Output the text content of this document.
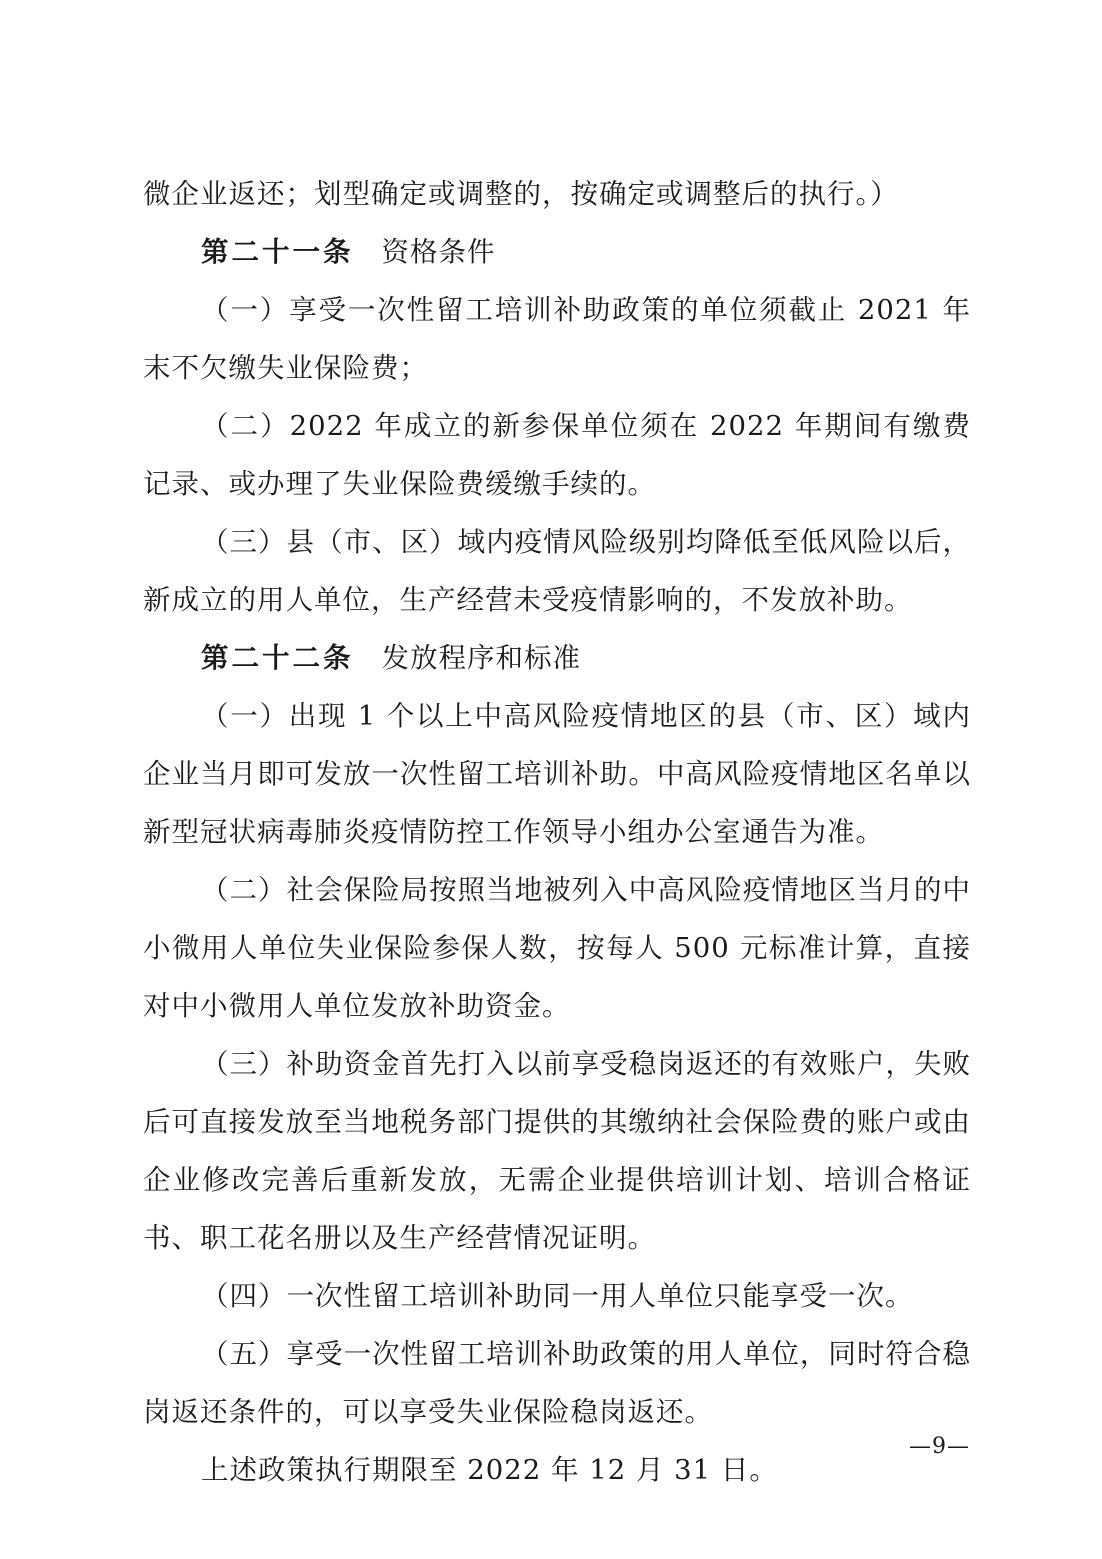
微企业返还；划型确定或调整的，按确定或调整后的执行。）

第二十一条 资格条件

（一）享受一次性留工培训补助政策的单位须截止 2021 年末不欠缴失业保险费；

（二）2022 年成立的新参保单位须在 2022 年期间有缴费记录、或办理了失业保险费缓缴手续的。

（三）县（市、区）域内疫情风险级别均降低至低风险以后，新成立的用人单位，生产经营未受疫情影响的，不发放补助。

第二十二条 发放程序和标准

（一）出现 1 个以上中高风险疫情地区的县（市、区）域内企业当月即可发放一次性留工培训补助。中高风险疫情地区名单以新型冠状病毒肺炎疫情防控工作领导小组办公室通告为准。

（二）社会保险局按照当地被列入中高风险疫情地区当月的中小微用人单位失业保险参保人数，按每人 500 元标准计算，直接对中小微用人单位发放补助资金。

（三）补助资金首先打入以前享受稳岗返还的有效账户，失败后可直接发放至当地税务部门提供的其缴纳社会保险费的账户或由企业修改完善后重新发放，无需企业提供培训计划、培训合格证书、职工花名册以及生产经营情况证明。

（四）一次性留工培训补助同一用人单位只能享受一次。

（五）享受一次性留工培训补助政策的用人单位，同时符合稳岗返还条件的，可以享受失业保险稳岗返还。

上述政策执行期限至 2022 年 12 月 31 日。

—9—
